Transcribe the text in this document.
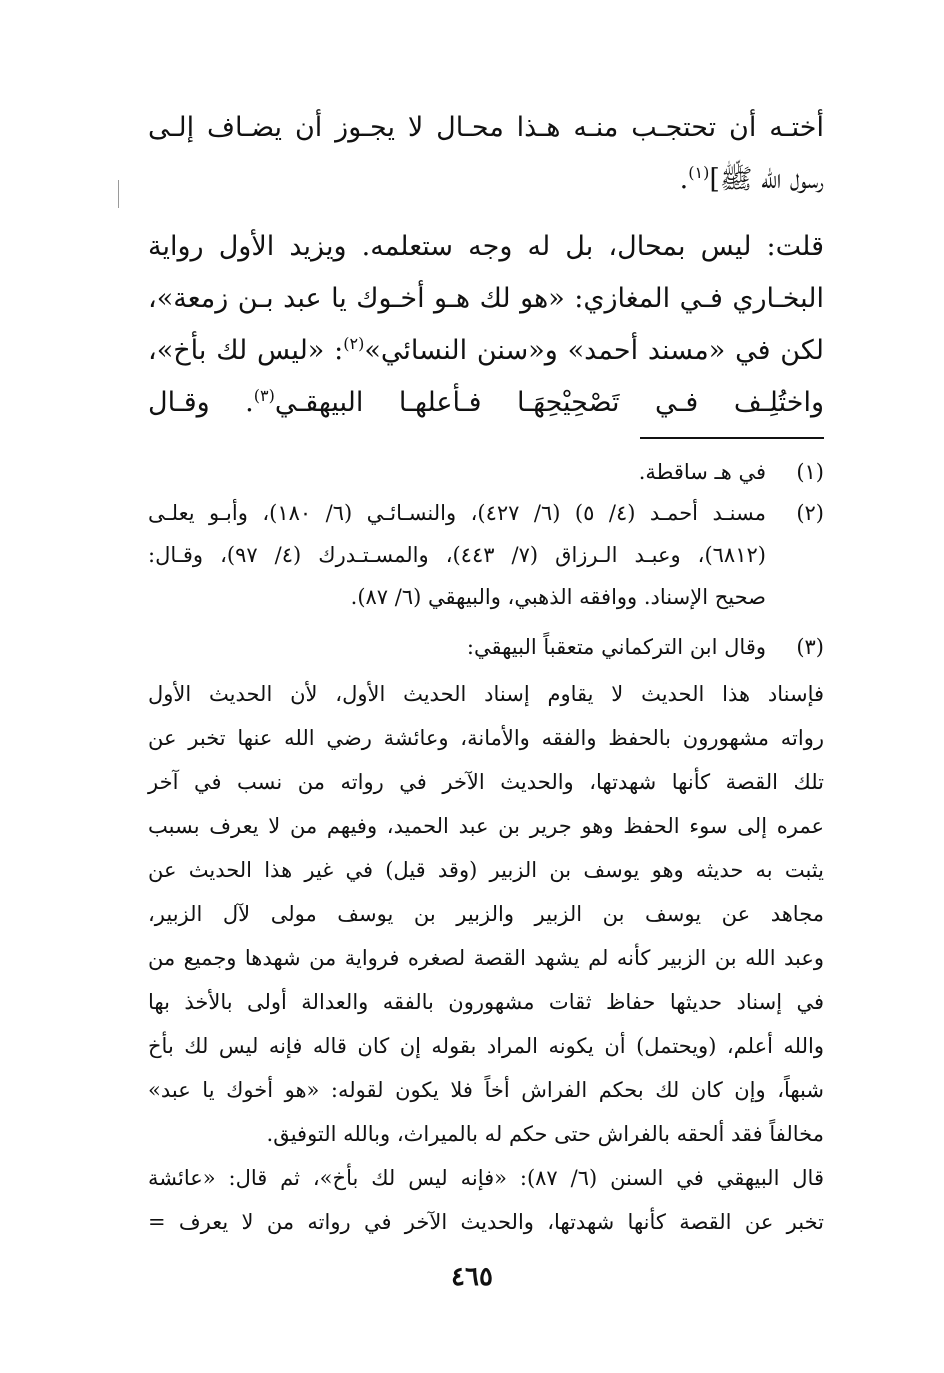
أختـه أن تحتجـب منـه هـذا محـال لا يجـوز أن يضـاف إلـى
رسول الله ﷺ]$^{(١)}$.
قلت: ليس بمحال، بل له وجه ستعلمه. ويزيد الأول رواية
البخـاري فـي المغازي: «هو لك هـو أخـوك يا عبد بـن زمعة»،
لكن في «مسند أحمد» و«سنن النسائي»$^{(٢)}$: «ليس لك بأخ»،
واختُلِـف فـي تَصْحِيْحِهَـا فـأعلهـا البيهقـي$^{(٣)}$. وقـال
(١)
في هـ ساقطة.
(٢)
مسنـد أحمـد (٤/ ٥) (٦/ ٤٢٧)، والنسـائـي (٦/ ١٨٠)، وأبـو يعلـى
(٦٨١٢)، وعبـد الـرزاق (٧/ ٤٤٣)، والمسـتـدرك (٤/ ٩٧)، وقـال:
صحيح الإسناد. ووافقه الذهبي، والبيهقي (٦/ ٨٧).
(٣)
وقال ابن التركماني متعقباً البيهقي:
فإسناد هذا الحديث لا يقاوم إسناد الحديث الأول، لأن الحديث الأول
رواته مشهورون بالحفظ والفقه والأمانة، وعائشة رضي الله عنها تخبر عن
تلك القصة كأنها شهدتها، والحديث الآخر في رواته من نسب في آخر
عمره إلى سوء الحفظ وهو جرير بن عبد الحميد، وفيهم من لا يعرف بسبب
يثبت به حديثه وهو يوسف بن الزبير (وقد قيل) في غير هذا الحديث عن
مجاهد عن يوسف بن الزبير والزبير بن يوسف مولى لآل الزبير،
وعبد الله بن الزبير كأنه لم يشهد القصة لصغره فرواية من شهدها وجميع من
في إسناد حديثها حفاظ ثقات مشهورون بالفقه والعدالة أولى بالأخذ بها
والله أعلم، (ويحتمل) أن يكونه المراد بقوله إن كان قاله فإنه ليس لك بأخ
شبهاً، وإن كان لك بحكم الفراش أخاً فلا يكون لقوله: «هو أخوك يا عبد»
مخالفاً فقد ألحقه بالفراش حتى حكم له بالميراث، وبالله التوفيق.
قال البيهقي في السنن (٦/ ٨٧): «فإنه ليس لك بأخ»، ثم قال: «عائشة
تخبر عن القصة كأنها شهدتها، والحديث الآخر في رواته من لا يعرف =
٤٦٥
